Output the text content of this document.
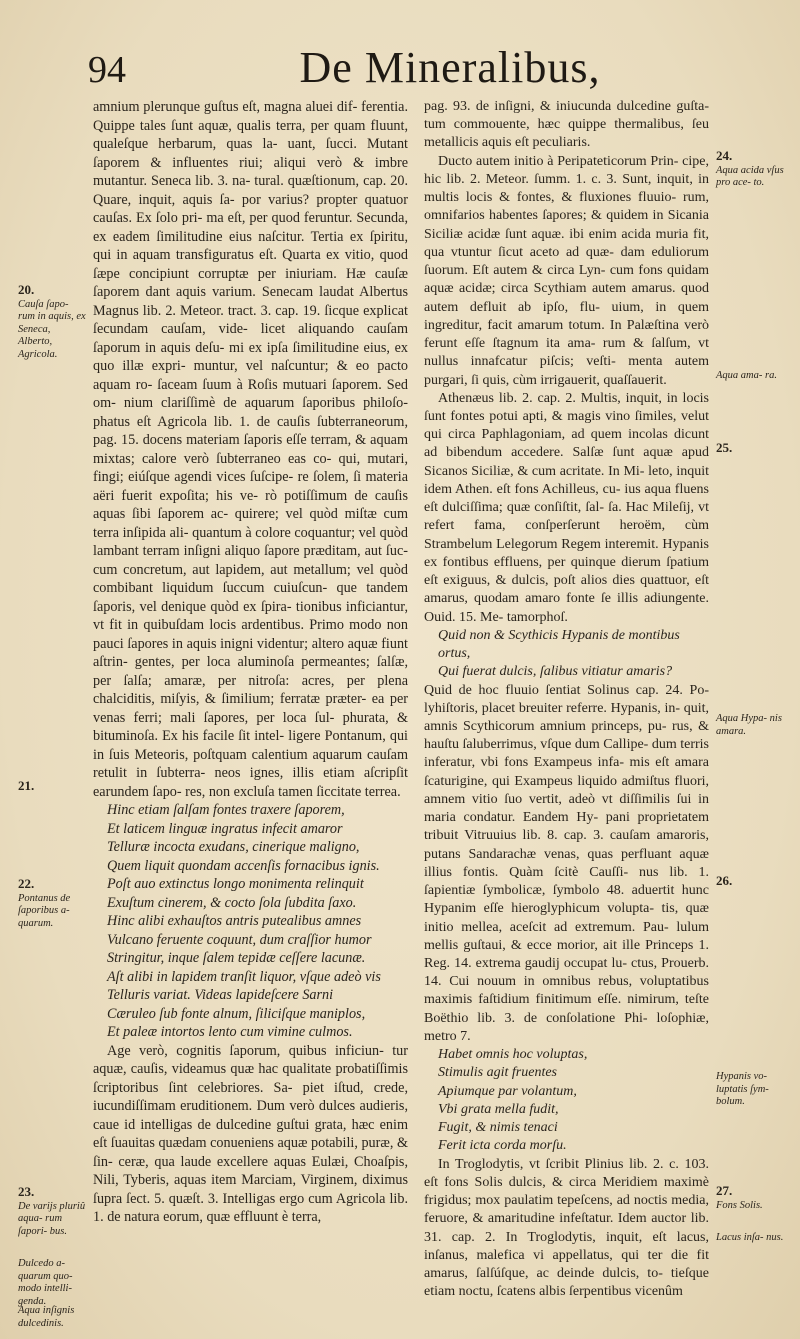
94	De Mineralibus,

amnium plerunque guſtus eſt, magna aluei dif- ferentia. Quippe tales ſunt aquæ, qualis terra, per quam fluunt, qualeſque herbarum, quas la- uant, ſucci. Mutant ſaporem & influentes riui; aliqui verò & imbre mutantur. Seneca lib. 3. na- tural. quæſtionum, cap. 20. Quare, inquit, aquis ſa- por varius? propter quatuor cauſas. Ex ſolo pri- ma eſt, per quod feruntur. Secunda, ex eadem ſimilitudine eius naſcitur. Tertia ex ſpiritu, qui in aquam transfiguratus eſt. Quarta ex vitio, quod ſæpe concipiunt corruptæ per iniuriam. Hæ cauſæ ſaporem dant aquis varium. Senecam laudat Albertus Magnus lib. 2. Meteor. tract. 3. cap. 19. ſicque explicat ſecundam cauſam, vide- licet aliquando cauſam ſaporum in aquis deſu- mi ex ipſa ſimilitudine eius, ex quo illæ expri- muntur, vel naſcuntur; & eo pacto aquam ro- ſaceam ſuum à Roſis mutuari ſaporem. Sed om- nium clariſſimè de aquarum ſaporibus philoſo- phatus eſt Agricola lib. 1. de cauſis ſubterraneorum, pag. 15. docens materiam ſaporis eſſe terram, & aquam mixtas; calore verò ſubterraneo eas co- qui, mutari, fingi; eiúſque agendi vices ſuſcipe- re ſolem, ſi materia aëri fuerit expoſita; his ve- rò potiſſimum de cauſis aquas ſibi ſaporem ac- quirere; vel quòd miſtæ cum terra inſipida ali- quantum à colore coquantur; vel quòd lambant terram inſigni aliquo ſapore præditam, aut ſuc- cum concretum, aut lapidem, aut metallum; vel quòd combibant liquidum ſuccum cuiuſcun- que tandem ſaporis, vel denique quòd ex ſpira- tionibus inficiantur, vt fit in quibuſdam locis ardentibus. Primo modo non pauci ſapores in aquis inigni videntur; altero aquæ fiunt aſtrin- gentes, per loca aluminoſa permeantes; ſalſæ, per ſalſa; amaræ, per nitroſa: acres, per plena chalciditis, miſyis, & ſimilium; ferratæ præter- ea per venas ferri; mali ſapores, per loca ſul- phurata, & bituminoſa. Ex his facile ſit intel- ligere Pontanum, qui in ſuis Meteoris, poſtquam calentium aquarum cauſam retulit in ſubterra- neos ignes, illis etiam aſcripſit earundem ſapo- res, non excluſa tamen ſiccitate terrea.

Hinc etiam ſalſam fontes traxere ſaporem,
Et laticem linguæ ingratus infecit amaror
Telluræ incocta exudans, cinerique maligno,
Quem liquit quondam accenſis fornacibus ignis.
Poſt auo extinctus longo monimenta relinquit
Exuſtum cinerem, & cocto ſola ſubdita ſaxo.
Hinc alibi exhauſtos antris putealibus amnes
Vulcano feruente coquunt, dum craſſior humor
Stringitur, inque ſalem tepidæ ceſſere lacunæ.
Aſt alibi in lapidem tranſit liquor, vſque adeò vis
Telluris variat. Videas lapideſcere Sarni
Cæruleo ſub fonte alnum, ſiliciſque maniplos,
Et paleæ intortos lento cum vimine culmos.

Age verò, cognitis ſaporum, quibus inficiun- tur aquæ, cauſis, videamus quæ hac qualitate probatiſſimis ſcriptoribus ſint celebriores. Sa- piet iſtud, crede, iucundiſſimam eruditionem. Dum verò dulces audieris, caue id intelligas de dulcedine guſtui grata, hæc enim eſt ſuauitas quædam conueniens aquæ potabili, puræ, & ſin- ceræ, qua laude excellere aquas Eulæi, Choaſpis, Nili, Tyberis, aquas item Marciam, Virginem, diximus ſupra ſect. 5. quæſt. 3. Intelligas ergo cum Agricola lib. 1. de natura eorum, quæ effluunt è terra,

pag. 93. de inſigni, & iniucunda dulcedine guſta- tum commouente, hæc quippe thermalibus, ſeu metallicis aquis eſt peculiaris.

Ducto autem initio à Peripateticorum Prin- cipe, hic lib. 2. Meteor. ſumm. 1. c. 3. Sunt, inquit, in multis locis & fontes, & fluxiones fluuio- rum, omnifarios habentes ſapores; & quidem in Sicania Siciliæ acidæ ſunt aquæ. ibi enim acida muria fit, qua vtuntur ſicut aceto ad quæ- dam eduliorum ſuorum. Eſt autem & circa Lyn- cum fons quidam aquæ acidæ; circa Scythiam autem amarus. quod autem defluit ab ipſo, flu- uium, in quem ingreditur, facit amarum totum. In Palæſtina verò ferunt eſſe ſtagnum ita ama- rum & ſalſum, vt nullus innafcatur piſcis; veſti- menta autem purgari, ſi quis, cùm irrigauerit, quaſſauerit.

Athenæus lib. 2. cap. 2. Multis, inquit, in locis ſunt fontes potui apti, & magis vino ſimiles, velut qui circa Paphlagoniam, ad quem incolas dicunt ad bibendum accedere. Salſæ ſunt aquæ apud Sicanos Siciliæ, & cum acritate. In Mi- leto, inquit idem Athen. eſt fons Achilleus, cu- ius aqua fluens eſt dulciſſima; quæ conſiſtit, ſal- ſa. Hac Mileſij, vt refert fama, conſperſerunt heroëm, cùm Strambelum Lelegorum Regem interemit. Hypanis ex fontibus effluens, per quinque dierum ſpatium eſt exiguus, & dulcis, poſt alios dies quattuor, eſt amarus, quodam amaro fonte ſe illis adiungente. Ouid. 15. Me- tamorphoſ.

Quid non & Scythicis Hypanis de montibus ortus,
Qui fuerat dulcis, ſalibus vitiatur amaris?

Quid de hoc fluuio ſentiat Solinus cap. 24. Po- lyhiſtoris, placet breuiter referre. Hypanis, in- quit, amnis Scythicorum amnium princeps, pu- rus, & hauſtu ſaluberrimus, vſque dum Callipe- dum terris inferatur, vbi fons Exampeus infa- mis eſt amara ſcaturigine, qui Exampeus liquido admiſtus fluori, amnem vitio ſuo vertit, adeò vt diſſimilis ſui in maria condatur. Eandem Hy- pani proprietatem tribuit Vitruuius lib. 8. cap. 3. cauſam amaroris, putans Sandarachæ venas, quas perfluant aquæ illius fontis. Quàm ſcitè Cauſſi- nus lib. 1. ſapientiæ ſymbolicæ, ſymbolo 48. aduertit hunc Hypanim eſſe hieroglyphicum volupta- tis, quæ initio mellea, aceſcit ad extremum. Pau- lulum mellis guſtaui, & ecce morior, ait ille Princeps 1. Reg. 14. extrema gaudij occupat lu- ctus, Prouerb. 14. Cui nouum in omnibus rebus, voluptatibus maximis faſtidium finitimum eſſe. nimirum, teſte Boëthio lib. 3. de conſolatione Phi- loſophiæ, metro 7.

Habet omnis hoc voluptas,
Stimulis agit fruentes
Apiumque par volantum,
Vbi grata mella fudit,
Fugit, & nimis tenaci
Ferit icta corda morſu.

In Troglodytis, vt ſcribit Plinius lib. 2. c. 103. eſt fons Solis dulcis, & circa Meridiem maximè frigidus; mox paulatim tepeſcens, ad noctis media, feruore, & amaritudine infeſtatur. Idem auctor lib. 31. cap. 2. In Troglodytis, inquit, eſt lacus, inſanus, malefica vi appellatus, qui ter die fit amarus, ſalſúſque, ac deinde dulcis, to- tieſque etiam noctu, ſcatens albis ſerpentibus vicenûm

20.
Cauſa ſapo- rum in aquis, ex Seneca, Alberto, Agricola.
21.
22.
Pontanus de ſaporibus a- quarum.
23.
De varijs pluriû aqua- rum ſapori- bus.
Dulcedo a- quarum quo- modo intelli- genda.
Aqua inſignis dulcedinis.
24.
Aqua acida vſus pro ace- to.
Aqua ama- ra.
25.
Aqua Hypa- nis amara.
26.
Hypanis vo- luptatis ſym- bolum.
27.
Fons Solis.
Lacus inſa- nus.
